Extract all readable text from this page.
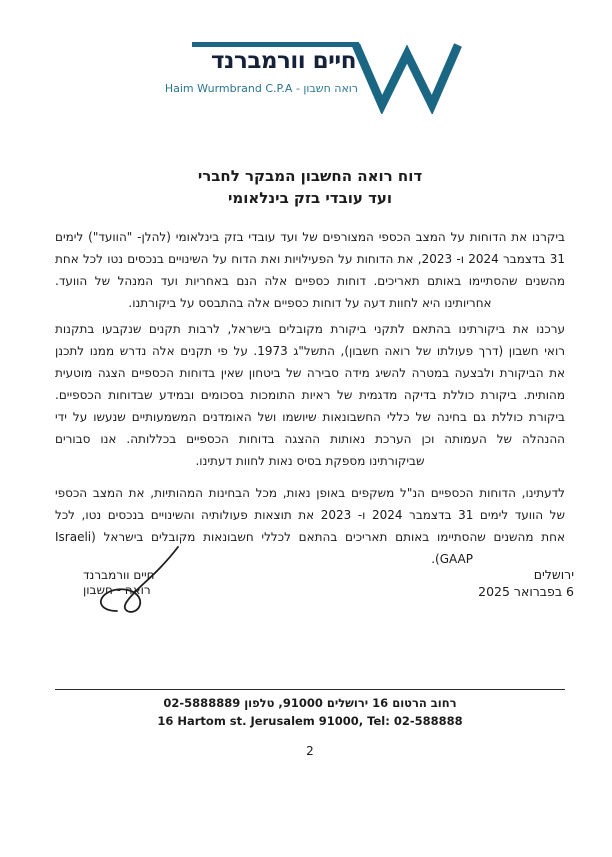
חיים וורמברנד
Haim Wurmbrand C.P.A - רואה חשבון
דוח רואה החשבון המבקר לחברי
ועד עובדי בזק בינלאומי
ביקרנו את הדוחות על המצב הכספי המצורפים של ועד עובדי בזק בינלאומי (להלן- "הוועד") לימים
31 בדצמבר 2024 ו- 2023, את הדוחות על הפעילויות ואת הדוח על השינויים בנכסים נטו לכל אחת
מהשנים שהסתיימו באותם תאריכים. דוחות כספיים אלה הנם באחריות ועד המנהל של הוועד.
אחריותינו היא לחוות דעה על דוחות כספיים אלה בהתבסס על ביקורתנו.
ערכנו את ביקורתינו בהתאם לתקני ביקורת מקובלים בישראל, לרבות תקנים שנקבעו בתקנות
רואי חשבון (דרך פעולתו של רואה חשבון), התשל"ג 1973. על פי תקנים אלה נדרש ממנו לתכנן
את הביקורת ולבצעה במטרה להשיג מידה סבירה של ביטחון שאין בדוחות הכספיים הצגה מוטעית
מהותית. ביקורת כוללת בדיקה מדגמית של ראיות התומכות בסכומים ובמידע שבדוחות הכספיים.
ביקורת כוללת גם בחינה של כללי החשבונאות שיושמו ושל האומדנים המשמעותיים שנעשו על ידי
ההנהלה של העמותה וכן הערכת נאותות ההצגה בדוחות הכספיים בכללותה. אנו סבורים
שביקורתינו מספקת בסיס נאות לחוות דעתינו.
לדעתינו, הדוחות הכספיים הנ"ל משקפים באופן נאות, מכל הבחינות המהותיות, את המצב הכספי
של הוועד לימים 31 בדצמבר 2024 ו- 2023 את תוצאות פעולותיה והשינויים בנכסים נטו, לכל
אחת מהשנים שהסתיימו באותם תאריכים בהתאם לכללי חשבונאות מקובלים בישראל (Israeli
GAAP).
ירושלים
6 בפברואר 2025
חיים וורמברנד
רואה - חשבון
רחוב הרטום 16 ירושלים 91000, טלפון 02-5888889
16 Hartom st. Jerusalem 91000, Tel: 02-588888
2
